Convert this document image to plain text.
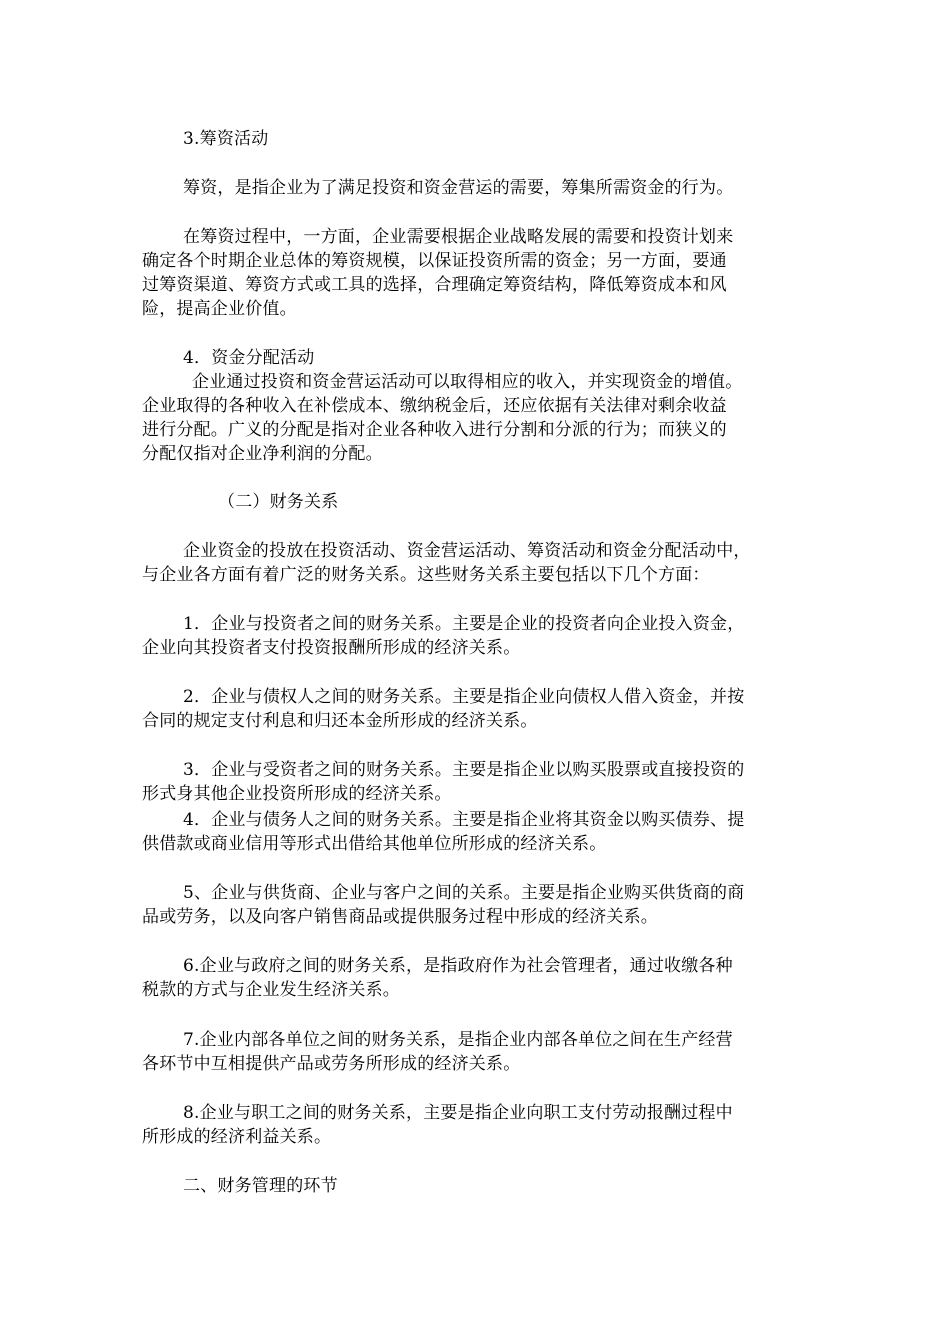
3.筹资活动
筹资，是指企业为了满足投资和资金营运的需要，筹集所需资金的行为。
在筹资过程中，一方面，企业需要根据企业战略发展的需要和投资计划来
确定各个时期企业总体的筹资规模，以保证投资所需的资金；另一方面，要通
过筹资渠道、筹资方式或工具的选择，合理确定筹资结构，降低筹资成本和风
险，提高企业价值。
4．资金分配活动
企业通过投资和资金营运活动可以取得相应的收入，并实现资金的增值。
企业取得的各种收入在补偿成本、缴纳税金后，还应依据有关法律对剩余收益
进行分配。广义的分配是指对企业各种收入进行分割和分派的行为；而狭义的
分配仅指对企业净利润的分配。
（二）财务关系
企业资金的投放在投资活动、资金营运活动、筹资活动和资金分配活动中，
与企业各方面有着广泛的财务关系。这些财务关系主要包括以下几个方面：
1．企业与投资者之间的财务关系。主要是企业的投资者向企业投入资金，
企业向其投资者支付投资报酬所形成的经济关系。
2．企业与债权人之间的财务关系。主要是指企业向债权人借入资金，并按
合同的规定支付利息和归还本金所形成的经济关系。
3．企业与受资者之间的财务关系。主要是指企业以购买股票或直接投资的
形式身其他企业投资所形成的经济关系。
4．企业与债务人之间的财务关系。主要是指企业将其资金以购买债券、提
供借款或商业信用等形式出借给其他单位所形成的经济关系。
5、企业与供货商、企业与客户之间的关系。主要是指企业购买供货商的商
品或劳务，以及向客户销售商品或提供服务过程中形成的经济关系。
6.企业与政府之间的财务关系，是指政府作为社会管理者，通过收缴各种
税款的方式与企业发生经济关系。
7.企业内部各单位之间的财务关系，是指企业内部各单位之间在生产经营
各环节中互相提供产品或劳务所形成的经济关系。
8.企业与职工之间的财务关系，主要是指企业向职工支付劳动报酬过程中
所形成的经济利益关系。
二、财务管理的环节
